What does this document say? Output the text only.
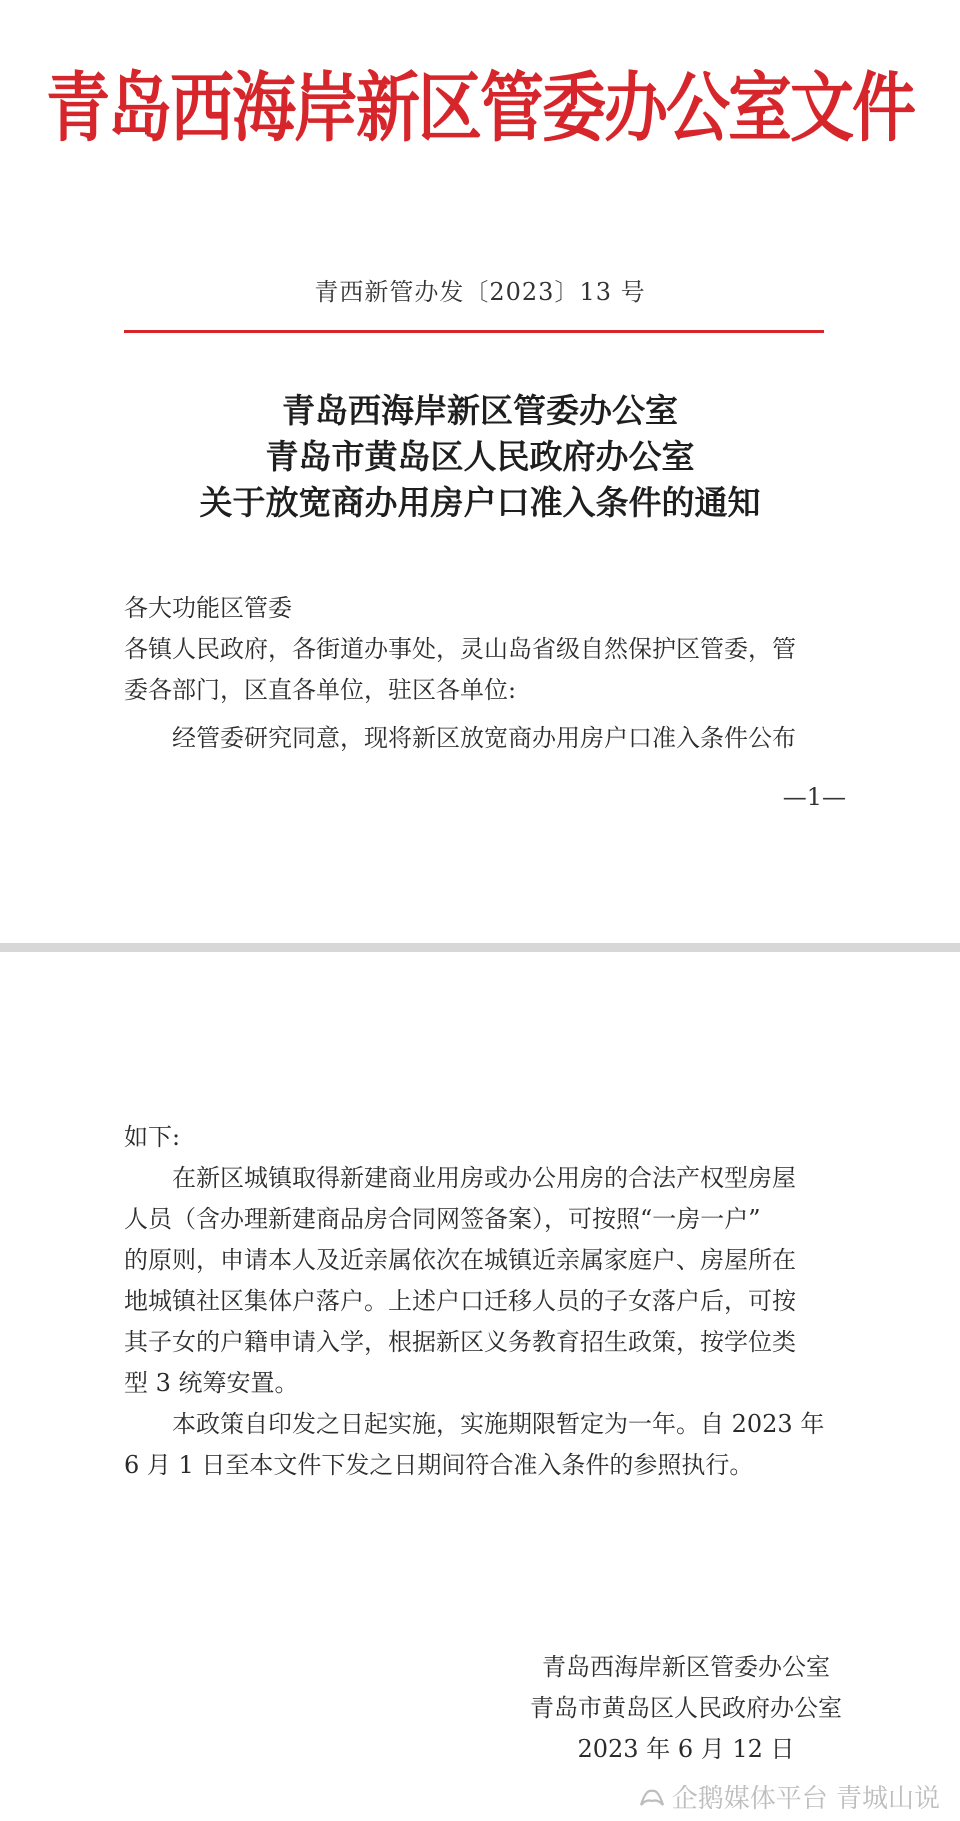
青岛西海岸新区管委办公室文件
青西新管办发〔2023〕13 号
青岛西海岸新区管委办公室
青岛市黄岛区人民政府办公室
关于放宽商办用房户口准入条件的通知
各大功能区管委
各镇人民政府，各街道办事处，灵山岛省级自然保护区管委，管
委各部门，区直各单位，驻区各单位:
经管委研究同意，现将新区放宽商办用房户口准入条件公布
—1—
如下:
在新区城镇取得新建商业用房或办公用房的合法产权型房屋
人员（含办理新建商品房合同网签备案），可按照“一房一户”
的原则，申请本人及近亲属依次在城镇近亲属家庭户、房屋所在
地城镇社区集体户落户。上述户口迁移人员的子女落户后，可按
其子女的户籍申请入学，根据新区义务教育招生政策，按学位类
型 3 统筹安置。
本政策自印发之日起实施，实施期限暂定为一年。自 2023 年
6 月 1 日至本文件下发之日期间符合准入条件的参照执行。
青岛西海岸新区管委办公室
青岛市黄岛区人民政府办公室
2023 年 6 月 12 日
企鹅媒体平台 青城山说
